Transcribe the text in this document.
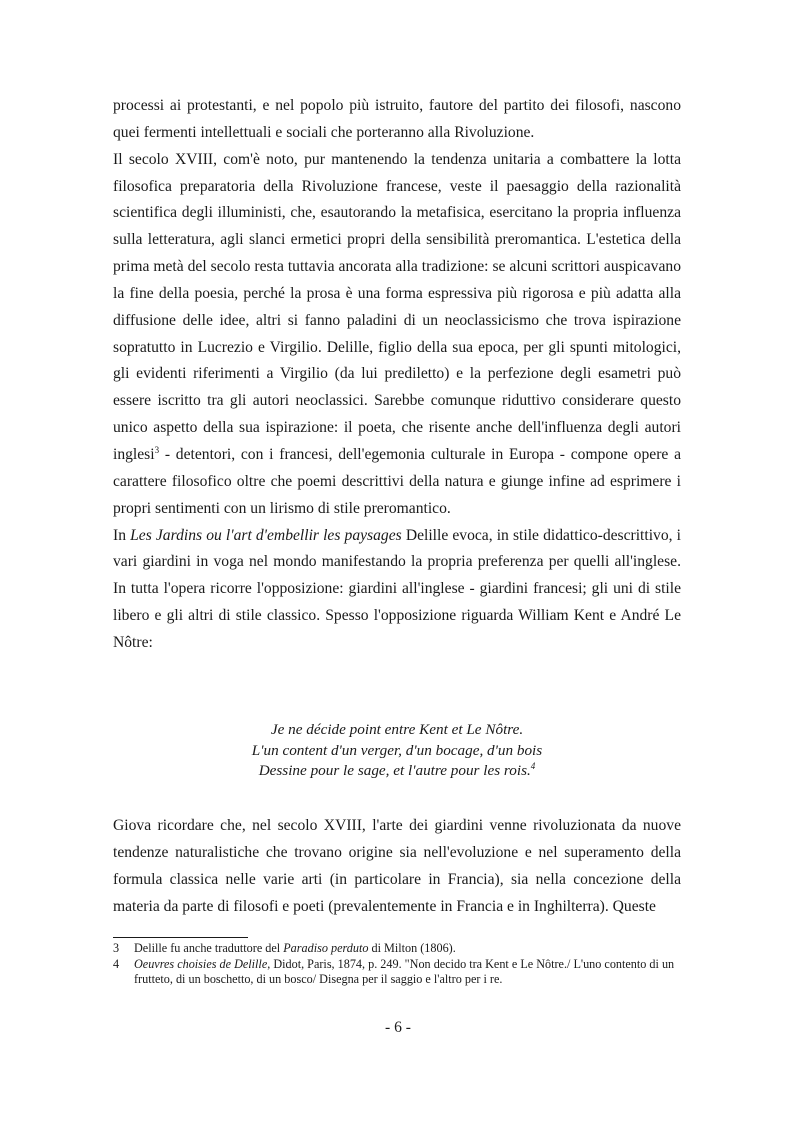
processi ai protestanti, e nel popolo più istruito, fautore del partito dei filosofi, nascono quei fermenti intellettuali e sociali che porteranno alla Rivoluzione.

Il secolo XVIII, com'è noto, pur mantenendo la tendenza unitaria a combattere la lotta filosofica preparatoria della Rivoluzione francese, veste il paesaggio della razionalità scientifica degli illuministi, che, esautorando la metafisica, esercitano la propria influenza sulla letteratura, agli slanci ermetici propri della sensibilità preromantica. L'estetica della prima metà del secolo resta tuttavia ancorata alla tradizione: se alcuni scrittori auspicavano la fine della poesia, perché la prosa è una forma espressiva più rigorosa e più adatta alla diffusione delle idee, altri si fanno paladini di un neoclassicismo che trova ispirazione sopratutto in Lucrezio e Virgilio. Delille, figlio della sua epoca, per gli spunti mitologici, gli evidenti riferimenti a Virgilio (da lui prediletto) e la perfezione degli esametri può essere iscritto tra gli autori neoclassici. Sarebbe comunque riduttivo considerare questo unico aspetto della sua ispirazione: il poeta, che risente anche dell'influenza degli autori inglesi$^3$ - detentori, con i francesi, dell'egemonia culturale in Europa - compone opere a carattere filosofico oltre che poemi descrittivi della natura e giunge infine ad esprimere i propri sentimenti con un lirismo di stile preromantico.

In Les Jardins ou l'art d'embellir les paysages Delille evoca, in stile didattico-descrittivo, i vari giardini in voga nel mondo manifestando la propria preferenza per quelli all'inglese. In tutta l'opera ricorre l'opposizione: giardini all'inglese - giardini francesi; gli uni di stile libero e gli altri di stile classico. Spesso l'opposizione riguarda William Kent e André Le Nôtre:

Je ne décide point entre Kent et Le Nôtre.
L'un content d'un verger, d'un bocage, d'un bois
Dessine pour le sage, et l'autre pour les rois.$^4$

Giova ricordare che, nel secolo XVIII, l'arte dei giardini venne rivoluzionata da nuove tendenze naturalistiche che trovano origine sia nell'evoluzione e nel superamento della formula classica nelle varie arti (in particolare in Francia), sia nella concezione della materia da parte di filosofi e poeti (prevalentemente in Francia e in Inghilterra). Queste

3	Delille fu anche traduttore del Paradiso perduto di Milton (1806).
4	Oeuvres choisies de Delille, Didot, Paris, 1874, p. 249. "Non decido tra Kent e Le Nôtre./ L'uno contento di un frutteto, di un boschetto, di un bosco/ Disegna per il saggio e l'altro per i re.
- 6 -
